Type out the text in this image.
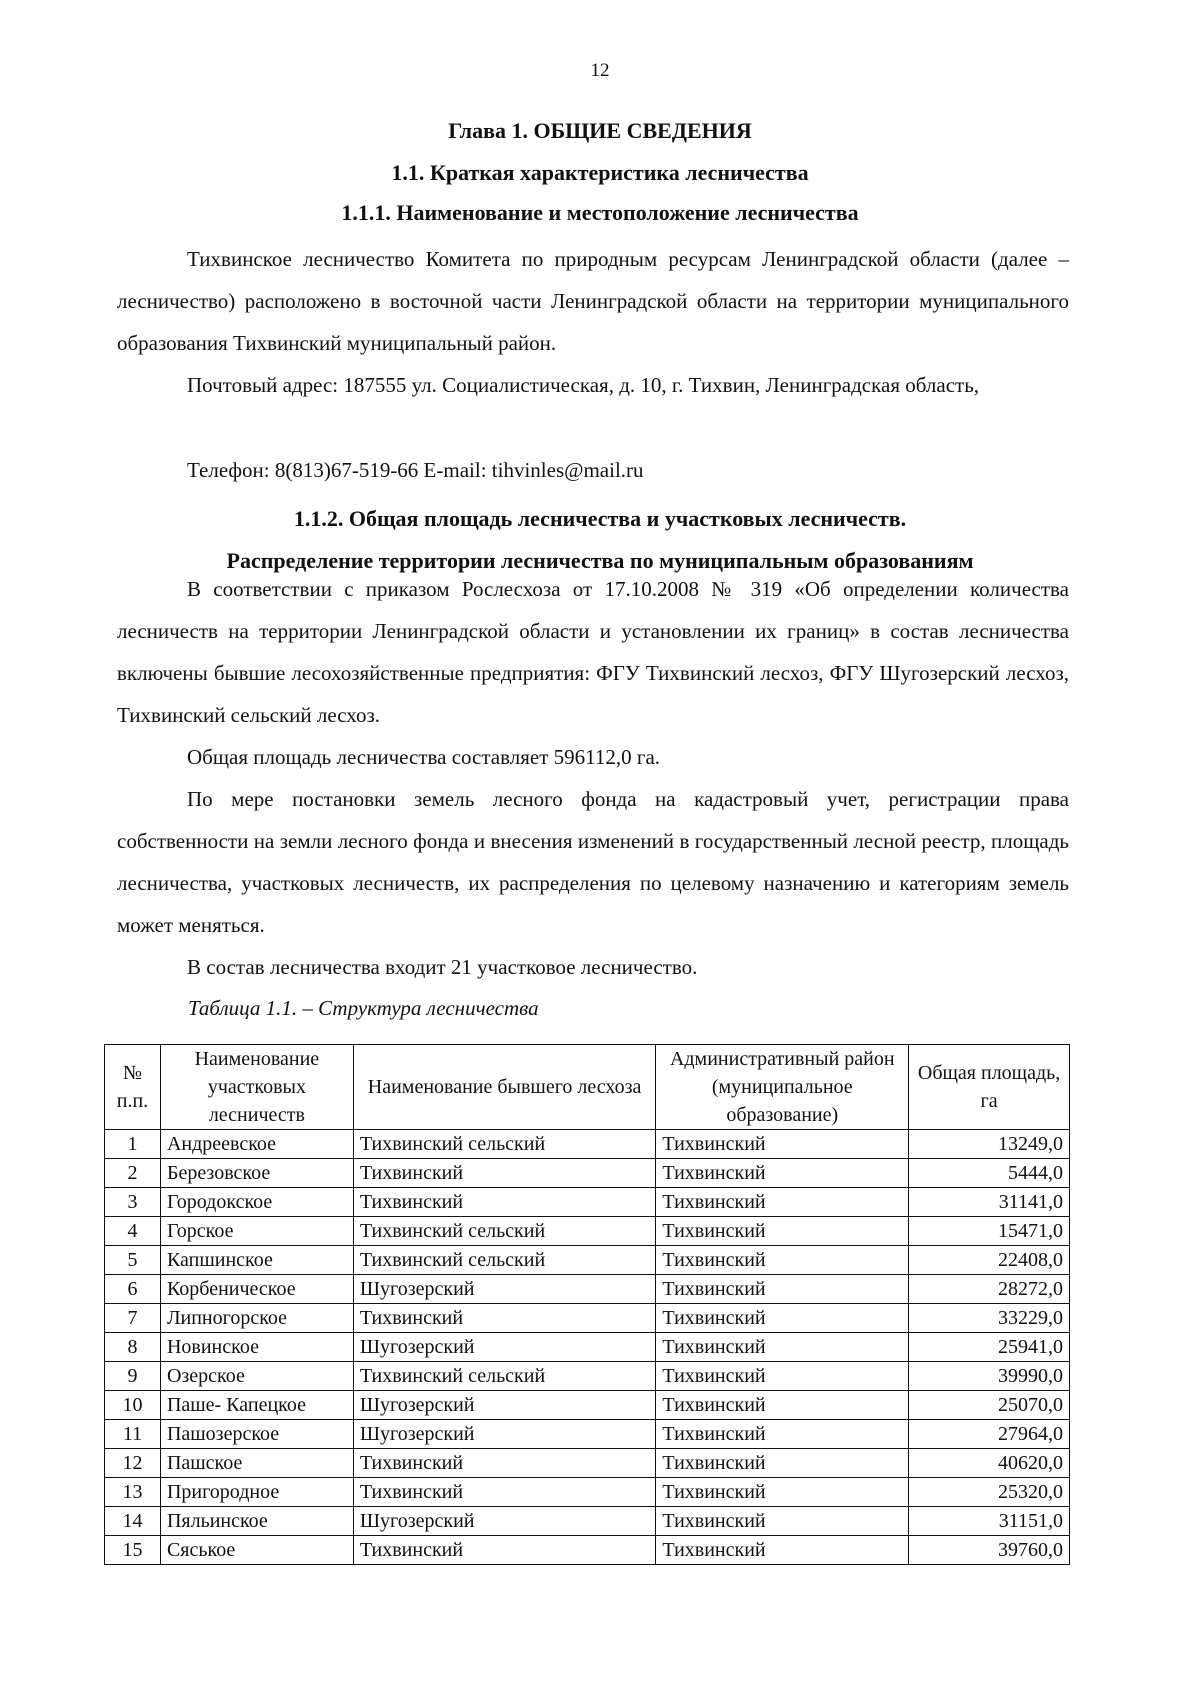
12
Глава 1. ОБЩИЕ СВЕДЕНИЯ
1.1. Краткая характеристика лесничества
1.1.1. Наименование и местоположение лесничества

Тихвинское лесничество Комитета по природным ресурсам Ленинградской области (далее – лесничество) расположено в восточной части Ленинградской области на территории муниципального образования Тихвинский муниципальный район.

Почтовый адрес: 187555 ул. Социалистическая, д. 10, г. Тихвин, Ленинградская область,

Телефон: 8(813)67-519-66 E-mail: tihvinles@mail.ru
1.1.2. Общая площадь лесничества и участковых лесничеств.
Распределение территории лесничества по муниципальным образованиям

В соответствии с приказом Рослесхоза от 17.10.2008 № 319 «Об определении количества лесничеств на территории Ленинградской области и установлении их границ» в состав лесничества включены бывшие лесохозяйственные предприятия: ФГУ Тихвинский лесхоз, ФГУ Шугозерский лесхоз, Тихвинский сельский лесхоз.

Общая площадь лесничества составляет 596112,0 га.

По мере постановки земель лесного фонда на кадастровый учет, регистрации права собственности на земли лесного фонда и внесения изменений в государственный лесной реестр, площадь лесничества, участковых лесничеств, их распределения по целевому назначению и категориям земель может меняться.

В состав лесничества входит 21 участковое лесничество.

Таблица 1.1. – Структура лесничества
№ п.п.	Наименование участковых лесничеств	Наименование бывшего лесхоза	Административный район (муниципальное образование)	Общая площадь, га
1	Андреевское	Тихвинский сельский	Тихвинский	13249,0
2	Березовское	Тихвинский	Тихвинский	5444,0
3	Городокское	Тихвинский	Тихвинский	31141,0
4	Горское	Тихвинский сельский	Тихвинский	15471,0
5	Капшинское	Тихвинский сельский	Тихвинский	22408,0
6	Корбеническое	Шугозерский	Тихвинский	28272,0
7	Липногорское	Тихвинский	Тихвинский	33229,0
8	Новинское	Шугозерский	Тихвинский	25941,0
9	Озерское	Тихвинский сельский	Тихвинский	39990,0
10	Паше- Капецкое	Шугозерский	Тихвинский	25070,0
11	Пашозерское	Шугозерский	Тихвинский	27964,0
12	Пашское	Тихвинский	Тихвинский	40620,0
13	Пригородное	Тихвинский	Тихвинский	25320,0
14	Пяльинское	Шугозерский	Тихвинский	31151,0
15	Сяськое	Тихвинский	Тихвинский	39760,0
